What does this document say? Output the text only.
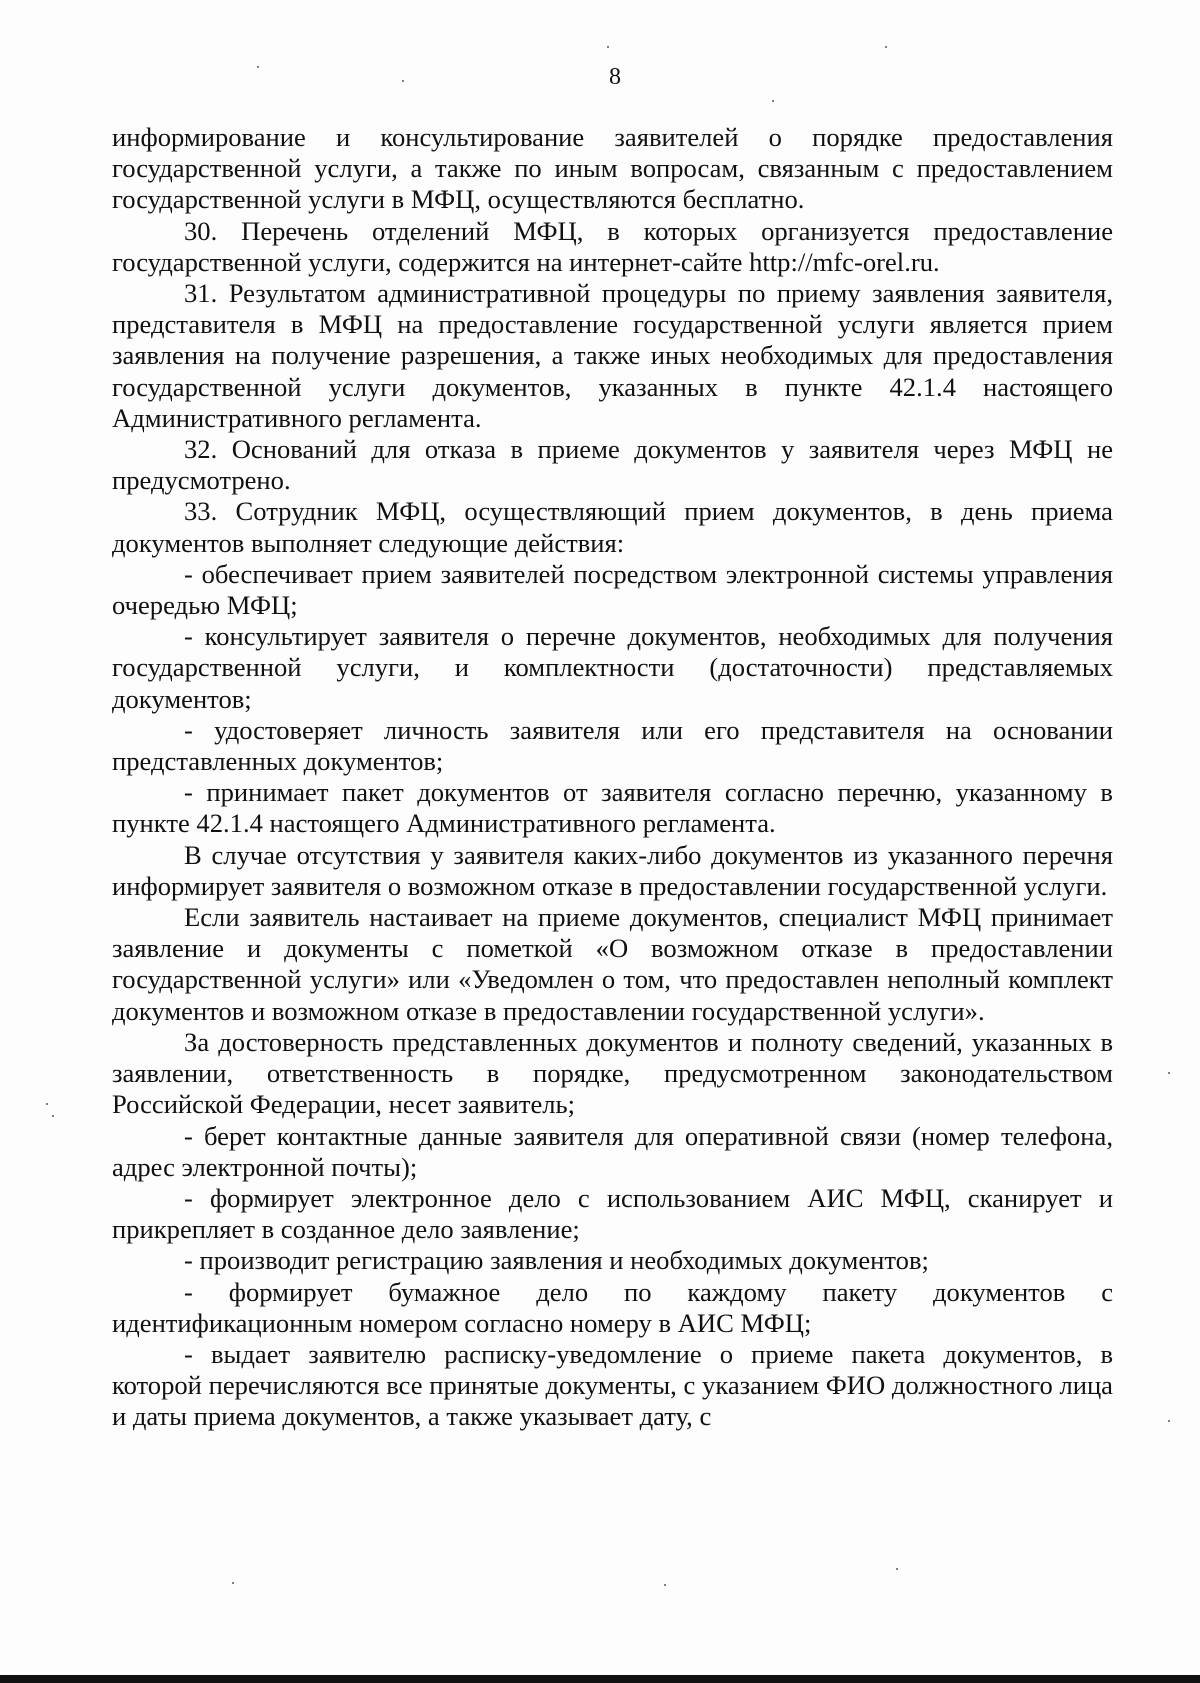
8

информирование и консультирование заявителей о порядке предоставления государственной услуги, а также по иным вопросам, связанным с предоставлением государственной услуги в МФЦ, осуществляются бесплатно.

30. Перечень отделений МФЦ, в которых организуется предоставление государственной услуги, содержится на интернет-сайте http://mfc-orel.ru.

31. Результатом административной процедуры по приему заявления заявителя, представителя в МФЦ на предоставление государственной услуги является прием заявления на получение разрешения, а также иных необходимых для предоставления государственной услуги документов, указанных в пункте 42.1.4 настоящего Административного регламента.

32. Оснований для отказа в приеме документов у заявителя через МФЦ не предусмотрено.

33. Сотрудник МФЦ, осуществляющий прием документов, в день приема документов выполняет следующие действия:

- обеспечивает прием заявителей посредством электронной системы управления очередью МФЦ;

- консультирует заявителя о перечне документов, необходимых для получения государственной услуги, и комплектности (достаточности) представляемых документов;

- удостоверяет личность заявителя или его представителя на основании представленных документов;

- принимает пакет документов от заявителя согласно перечню, указанному в пункте 42.1.4 настоящего Административного регламента.

В случае отсутствия у заявителя каких-либо документов из указанного перечня информирует заявителя о возможном отказе в предоставлении государственной услуги.

Если заявитель настаивает на приеме документов, специалист МФЦ принимает заявление и документы с пометкой «О возможном отказе в предоставлении государственной услуги» или «Уведомлен о том, что предоставлен неполный комплект документов и возможном отказе в предоставлении государственной услуги».

За достоверность представленных документов и полноту сведений, указанных в заявлении, ответственность в порядке, предусмотренном законодательством Российской Федерации, несет заявитель;

- берет контактные данные заявителя для оперативной связи (номер телефона, адрес электронной почты);

- формирует электронное дело с использованием АИС МФЦ, сканирует и прикрепляет в созданное дело заявление;

- производит регистрацию заявления и необходимых документов;

- формирует бумажное дело по каждому пакету документов с идентификационным номером согласно номеру в АИС МФЦ;

- выдает заявителю расписку-уведомление о приеме пакета документов, в которой перечисляются все принятые документы, с указанием ФИО должностного лица и даты приема документов, а также указывает дату, с
